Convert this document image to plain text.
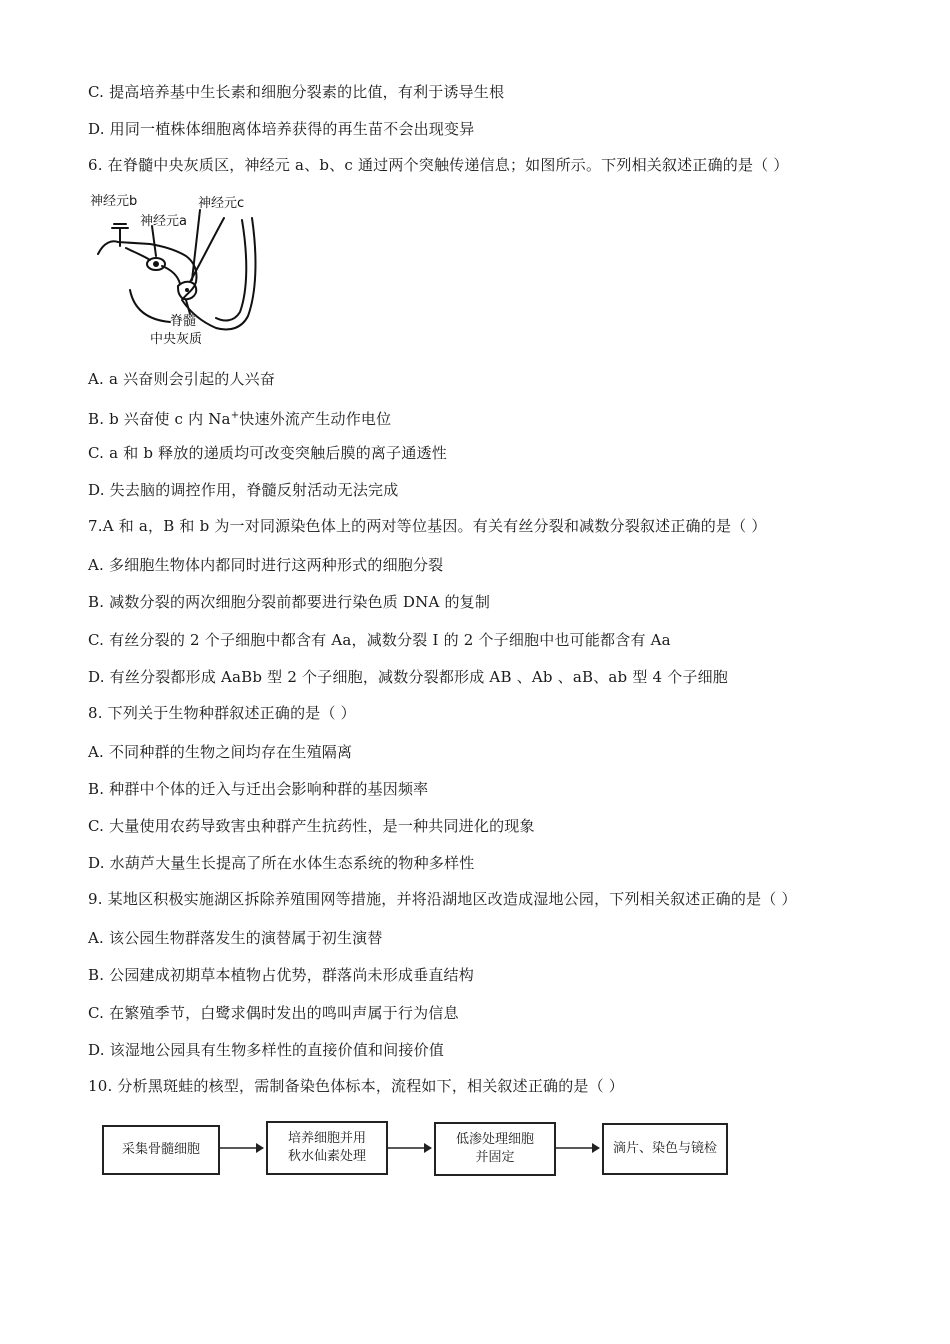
C. 提高培养基中生长素和细胞分裂素的比值，有利于诱导生根
D. 用同一植株体细胞离体培养获得的再生苗不会出现变异
6. 在脊髓中央灰质区，神经元 a、b、c 通过两个突触传递信息；如图所示。下列相关叙述正确的是（ ）
神经元b
神经元a
神经元c
脊髓
中央灰质
A. a 兴奋则会引起的人兴奋
B. b 兴奋使 c 内 Na+快速外流产生动作电位
C. a 和 b 释放的递质均可改变突触后膜的离子通透性
D. 失去脑的调控作用，脊髓反射活动无法完成
7.A 和 a，B 和 b 为一对同源染色体上的两对等位基因。有关有丝分裂和减数分裂叙述正确的是（ ）
A. 多细胞生物体内都同时进行这两种形式的细胞分裂
B. 减数分裂的两次细胞分裂前都要进行染色质 DNA 的复制
C. 有丝分裂的 2 个子细胞中都含有 Aa，减数分裂 Ⅰ 的 2 个子细胞中也可能都含有 Aa
D. 有丝分裂都形成 AaBb 型 2 个子细胞，减数分裂都形成 AB 、Ab 、aB、ab 型 4 个子细胞
8. 下列关于生物种群叙述正确的是（ ）
A. 不同种群的生物之间均存在生殖隔离
B. 种群中个体的迁入与迁出会影响种群的基因频率
C. 大量使用农药导致害虫种群产生抗药性，是一种共同进化的现象
D. 水葫芦大量生长提高了所在水体生态系统的物种多样性
9. 某地区积极实施湖区拆除养殖围网等措施，并将沿湖地区改造成湿地公园，下列相关叙述正确的是（ ）
A. 该公园生物群落发生的演替属于初生演替
B. 公园建成初期草本植物占优势，群落尚未形成垂直结构
C. 在繁殖季节，白鹭求偶时发出的鸣叫声属于行为信息
D. 该湿地公园具有生物多样性的直接价值和间接价值
10. 分析黑斑蛙的核型，需制备染色体标本，流程如下，相关叙述正确的是（ ）
采集骨髓细胞
培养细胞并用
秋水仙素处理
低渗处理细胞
并固定
滴片、染色与镜检
